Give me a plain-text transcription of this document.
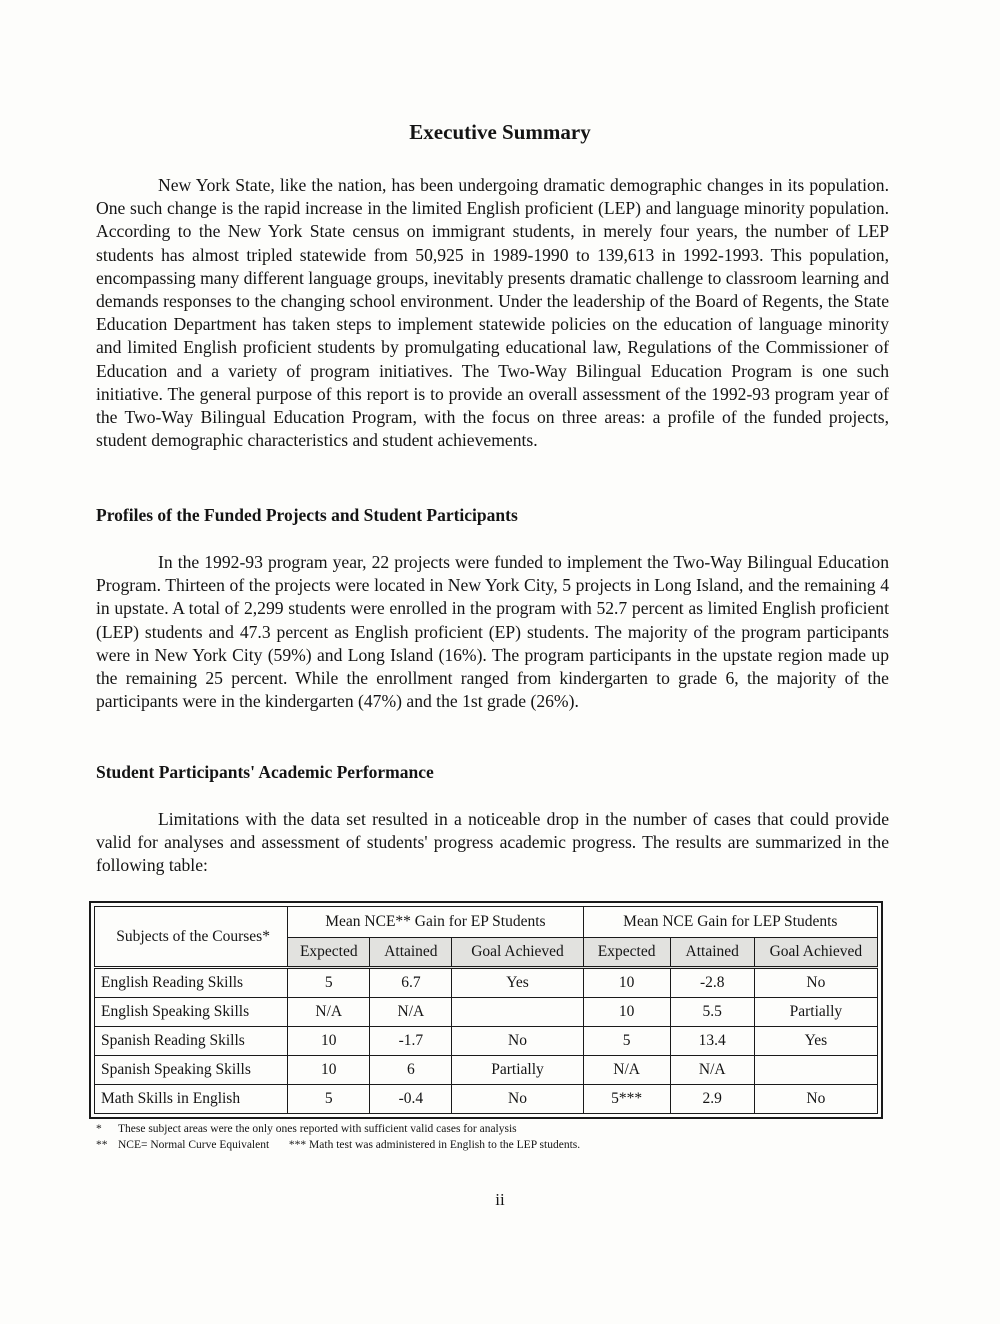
Executive Summary

New York State, like the nation, has been undergoing dramatic demographic changes in its population. One such change is the rapid increase in the limited English proficient (LEP) and language minority population. According to the New York State census on immigrant students, in merely four years, the number of LEP students has almost tripled statewide from 50,925 in 1989-1990 to 139,613 in 1992-1993. This population, encompassing many different language groups, inevitably presents dramatic challenge to classroom learning and demands responses to the changing school environment. Under the leadership of the Board of Regents, the State Education Department has taken steps to implement statewide policies on the education of language minority and limited English proficient students by promulgating educational law, Regulations of the Commissioner of Education and a variety of program initiatives. The Two-Way Bilingual Education Program is one such initiative. The general purpose of this report is to provide an overall assessment of the 1992-93 program year of the Two-Way Bilingual Education Program, with the focus on three areas: a profile of the funded projects, student demographic characteristics and student achievements.

Profiles of the Funded Projects and Student Participants

In the 1992-93 program year, 22 projects were funded to implement the Two-Way Bilingual Education Program. Thirteen of the projects were located in New York City, 5 projects in Long Island, and the remaining 4 in upstate. A total of 2,299 students were enrolled in the program with 52.7 percent as limited English proficient (LEP) students and 47.3 percent as English proficient (EP) students. The majority of the program participants were in New York City (59%) and Long Island (16%). The program participants in the upstate region made up the remaining 25 percent. While the enrollment ranged from kindergarten to grade 6, the majority of the participants were in the kindergarten (47%) and the 1st grade (26%).

Student Participants' Academic Performance

Limitations with the data set resulted in a noticeable drop in the number of cases that could provide valid for analyses and assessment of students' progress academic progress. The results are summarized in the following table:

Subjects of the Courses*	Mean NCE** Gain for EP Students			Mean NCE Gain for LEP Students		
	Expected	Attained	Goal Achieved	Expected	Attained	Goal Achieved
English Reading Skills	5	6.7	Yes	10	-2.8	No
English Speaking Skills	N/A	N/A		10	5.5	Partially
Spanish Reading Skills	10	-1.7	No	5	13.4	Yes
Spanish Speaking Skills	10	6	Partially	N/A	N/A	
Math Skills in English	5	-0.4	No	5***	2.9	No

* These subject areas were the only ones reported with sufficient valid cases for analysis

** NCE= Normal Curve Equivalent *** Math test was administered in English to the LEP students.

ii
